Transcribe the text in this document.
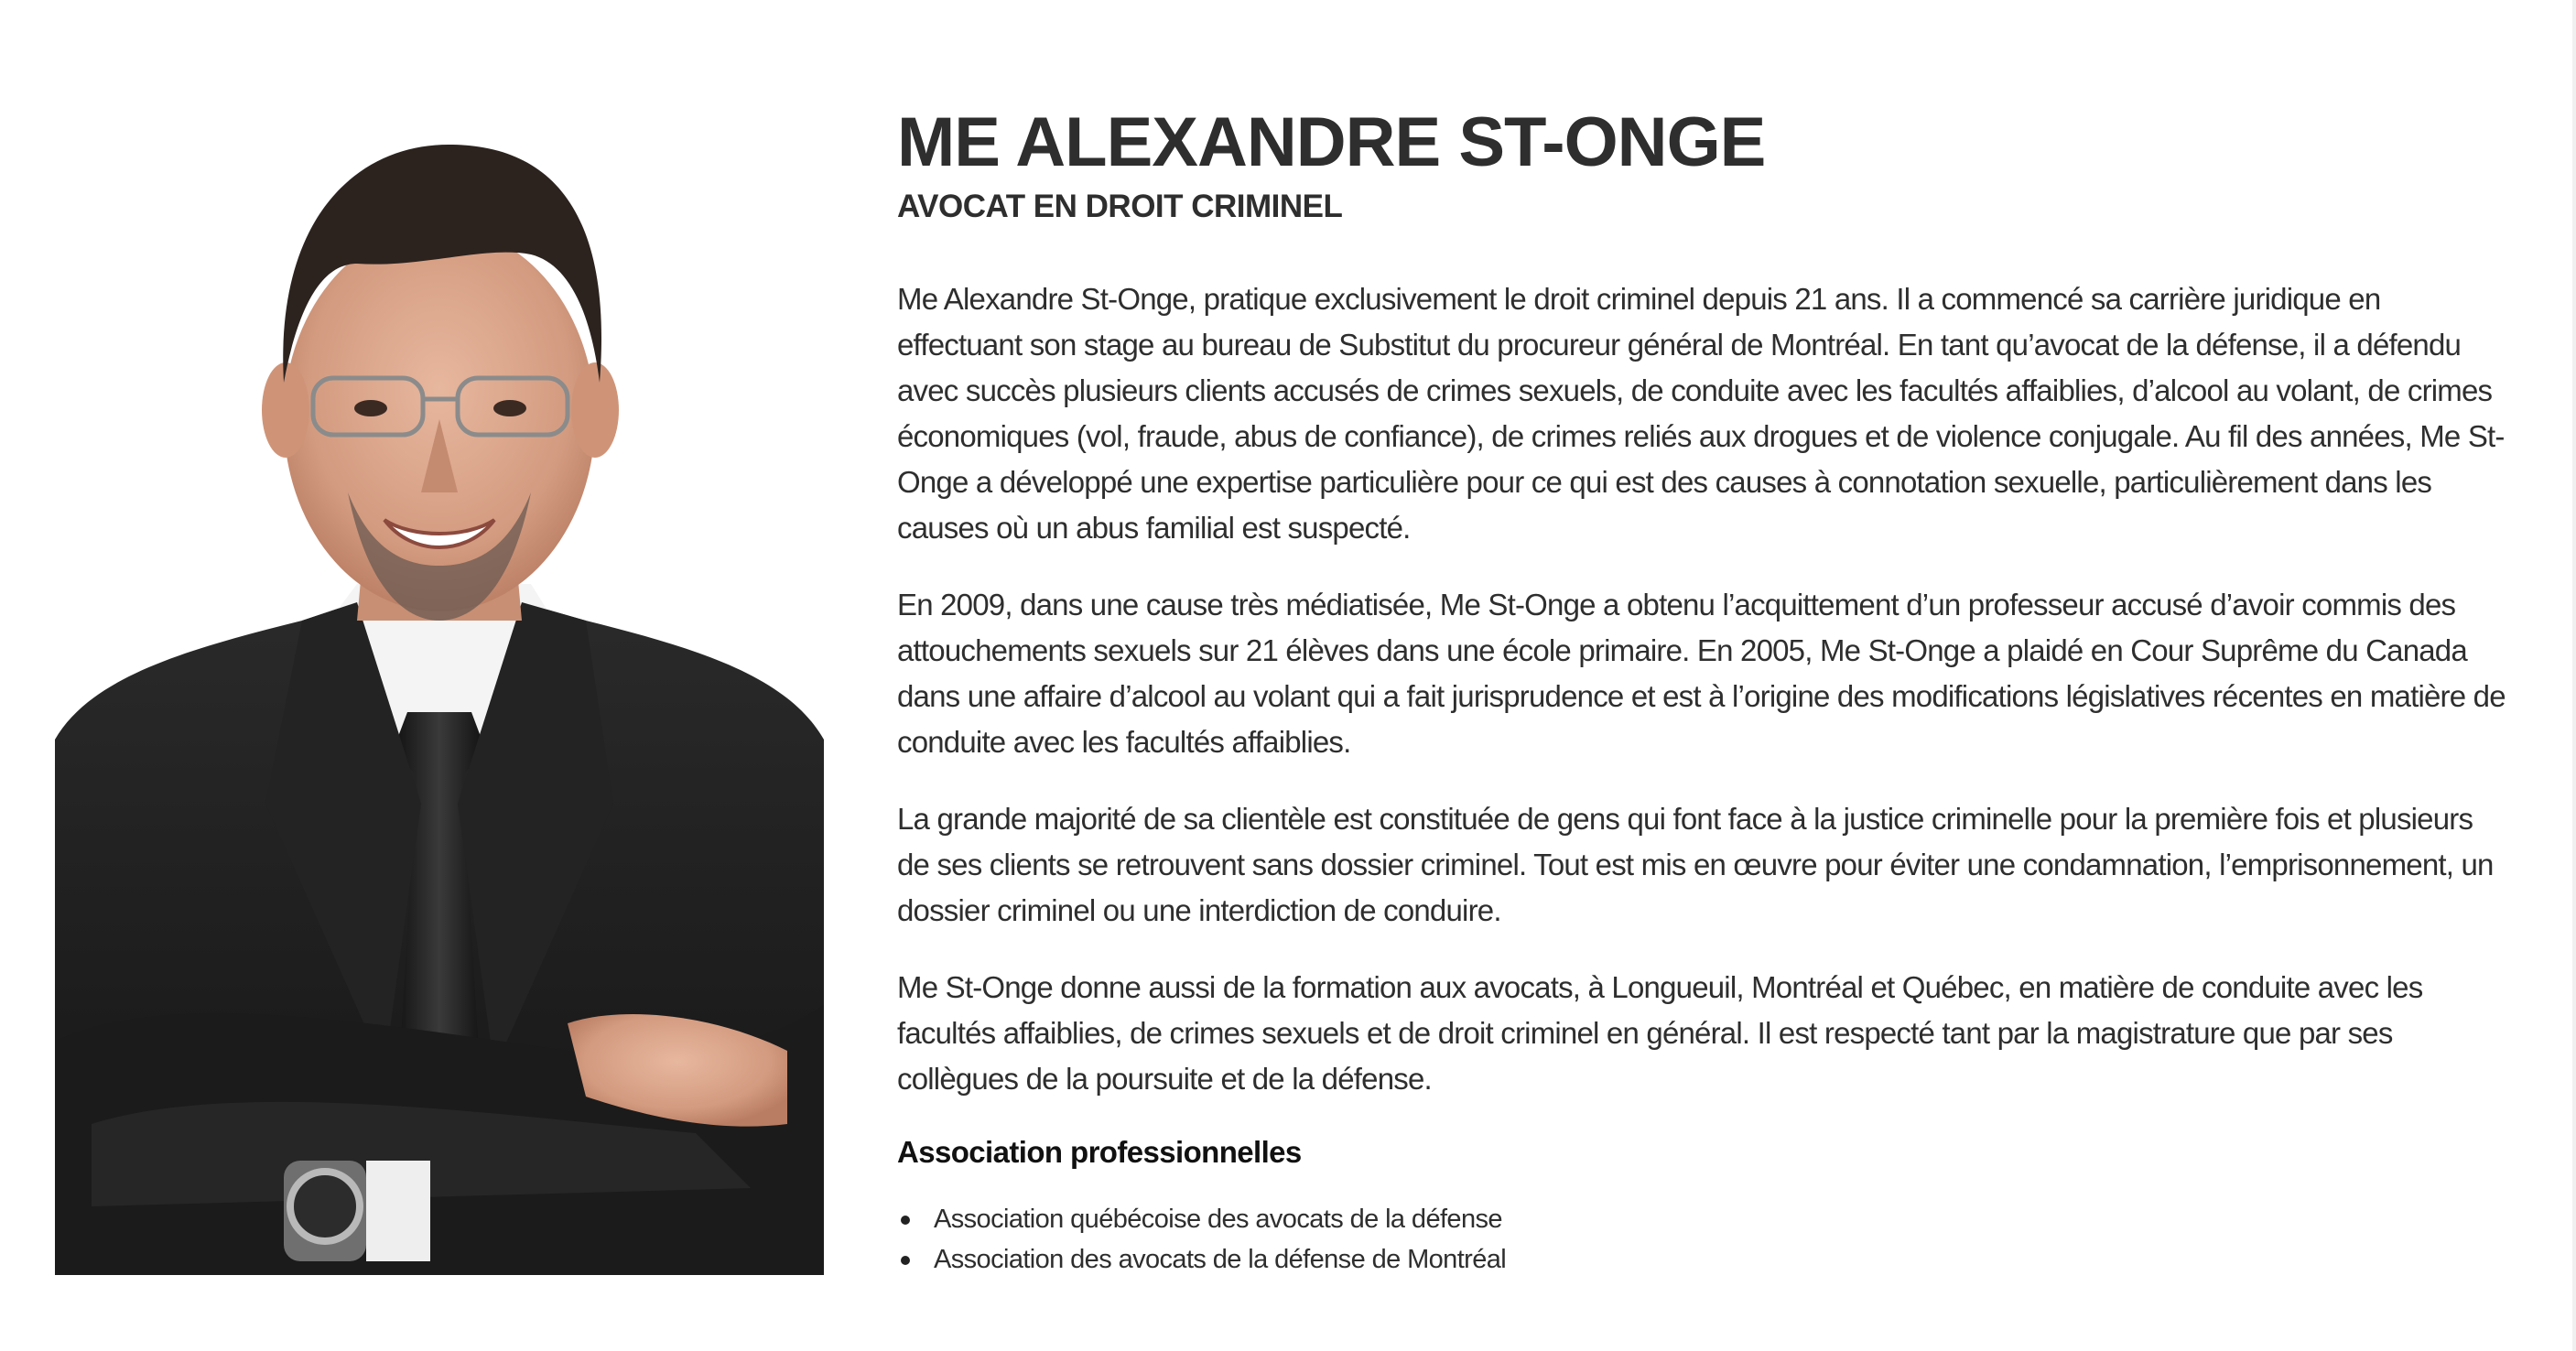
ME ALEXANDRE ST-ONGE
AVOCAT EN DROIT CRIMINEL

Me Alexandre St-Onge, pratique exclusivement le droit criminel depuis 21 ans. Il a commencé sa carrière juridique en effectuant son stage au bureau de Substitut du procureur général de Montréal. En tant qu’avocat de la défense, il a défendu avec succès plusieurs clients accusés de crimes sexuels, de conduite avec les facultés affaiblies, d’alcool au volant, de crimes économiques (vol, fraude, abus de confiance), de crimes reliés aux drogues et de violence conjugale. Au fil des années, Me St-Onge a développé une expertise particulière pour ce qui est des causes à connotation sexuelle, particulièrement dans les causes où un abus familial est suspecté.

En 2009, dans une cause très médiatisée, Me St-Onge a obtenu l’acquittement d’un professeur accusé d’avoir commis des attouchements sexuels sur 21 élèves dans une école primaire. En 2005, Me St-Onge a plaidé en Cour Suprême du Canada dans une affaire d’alcool au volant qui a fait jurisprudence et est à l’origine des modifications législatives récentes en matière de conduite avec les facultés affaiblies.

La grande majorité de sa clientèle est constituée de gens qui font face à la justice criminelle pour la première fois et plusieurs de ses clients se retrouvent sans dossier criminel. Tout est mis en œuvre pour éviter une condamnation, l’emprisonnement, un dossier criminel ou une interdiction de conduire.

Me St-Onge donne aussi de la formation aux avocats, à Longueuil, Montréal et Québec, en matière de conduite avec les facultés affaiblies, de crimes sexuels et de droit criminel en général. Il est respecté tant par la magistrature que par ses collègues de la poursuite et de la défense.

Association professionnelles
Association québécoise des avocats de la défense
Association des avocats de la défense de Montréal
